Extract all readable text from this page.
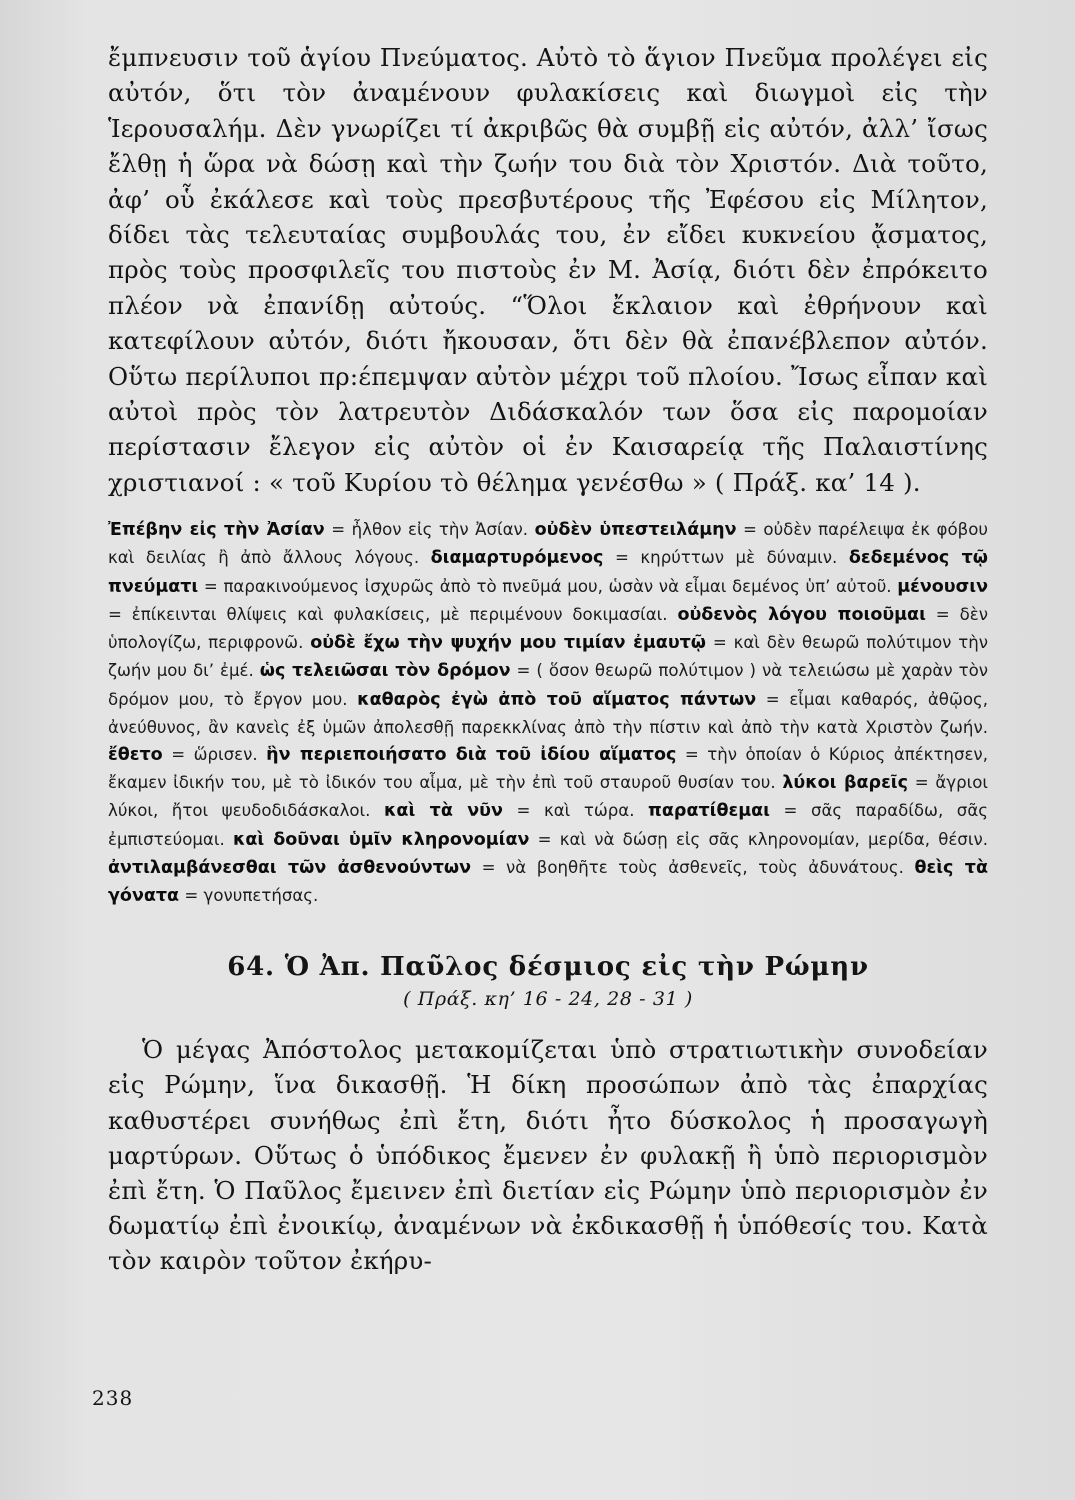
ἔμπνευσιν τοῦ ἁγίου Πνεύματος. Αὐτὸ τὸ ἅγιον Πνεῦμα προλέγει εἰς αὐτόν, ὅτι τὸν ἀναμένουν φυλακίσεις καὶ διωγμοὶ εἰς τὴν Ἱερουσαλήμ. Δὲν γνωρίζει τί ἀκριβῶς θὰ συμβῇ εἰς αὐτόν, ἀλλ’ ἴσως ἔλθῃ ἡ ὥρα νὰ δώσῃ καὶ τὴν ζωήν του διὰ τὸν Χριστόν. Διὰ τοῦτο, ἀφ’ οὗ ἐκάλεσε καὶ τοὺς πρεσβυτέρους τῆς Ἐφέσου εἰς Μίλητον, δίδει τὰς τελευταίας συμβουλάς του, ἐν εἴδει κυκνείου ᾄσματος, πρὸς τοὺς προσφιλεῖς του πιστοὺς ἐν Μ. Ἀσίᾳ, διότι δὲν ἐπρόκειτο πλέον νὰ ἐπανίδῃ αὐτούς. “Ὅλοι ἔκλαιον καὶ ἐθρήνουν καὶ κατεφίλουν αὐτόν, διότι ἤκουσαν, ὅτι δὲν θὰ ἐπανέβλεπον αὐτόν. Οὕτω περίλυποι πρ:έπεμψαν αὐτὸν μέχρι τοῦ πλοίου. Ἴσως εἶπαν καὶ αὐτοὶ πρὸς τὸν λατρευτὸν Διδάσκαλόν των ὅσα εἰς παρομοίαν περίστασιν ἔλεγον εἰς αὐτὸν οἱ ἐν Καισαρείᾳ τῆς Παλαιστίνης χριστιανοί : « τοῦ Κυρίου τὸ θέλημα γενέσθω » ( Πράξ. κα’ 14 ).

Ἐπέβην εἰς τὴν Ἀσίαν = ἦλθον εἰς τὴν Ἀσίαν. οὐδὲν ὑπεστειλάμην = οὐδὲν παρέλειψα ἐκ φόβου καὶ δειλίας ἢ ἀπὸ ἄλλους λόγους. διαμαρτυρόμενος = κηρύττων μὲ δύναμιν. δεδεμένος τῷ πνεύματι = παρακινούμενος ἰσχυρῶς ἀπὸ τὸ πνεῦμά μου, ὡσὰν νὰ εἶμαι δεμένος ὑπ’ αὐτοῦ. μένουσιν = ἐπίκεινται θλίψεις καὶ φυλακίσεις, μὲ περιμένουν δοκιμασίαι. οὐδενὸς λόγου ποιοῦμαι = δὲν ὑπολογίζω, περιφρονῶ. οὐδὲ ἔχω τὴν ψυχήν μου τιμίαν ἐμαυτῷ = καὶ δὲν θεωρῶ πολύτιμον τὴν ζωήν μου δι’ ἐμέ. ὡς τελειῶσαι τὸν δρόμον = ( ὅσον θεωρῶ πολύτιμον ) νὰ τελειώσω μὲ χαρὰν τὸν δρόμον μου, τὸ ἔργον μου. καθαρὸς ἐγὼ ἀπὸ τοῦ αἵματος πάντων = εἶμαι καθαρός, ἀθῷος, ἀνεύθυνος, ἂν κανεὶς ἐξ ὑμῶν ἀπολεσθῇ παρεκκλίνας ἀπὸ τὴν πίστιν καὶ ἀπὸ τὴν κατὰ Χριστὸν ζωήν. ἔθετο = ὥρισεν. ἣν περιεποιήσατο διὰ τοῦ ἰδίου αἵματος = τὴν ὁποίαν ὁ Κύριος ἀπέκτησεν, ἔκαμεν ἰδικήν του, μὲ τὸ ἰδικόν του αἷμα, μὲ τὴν ἐπὶ τοῦ σταυροῦ θυσίαν του. λύκοι βαρεῖς = ἄγριοι λύκοι, ἤτοι ψευδοδιδάσκαλοι. καὶ τὰ νῦν = καὶ τώρα. παρατίθεμαι = σᾶς παραδίδω, σᾶς ἐμπιστεύομαι. καὶ δοῦναι ὑμῖν κληρονομίαν = καὶ νὰ δώσῃ εἰς σᾶς κληρονομίαν, μερίδα, θέσιν. ἀντιλαμβάνεσθαι τῶν ἀσθενούντων = νὰ βοηθῆτε τοὺς ἀσθενεῖς, τοὺς ἀδυνάτους. θεὶς τὰ γόνατα = γονυπετήσας.

64. Ὁ Ἀπ. Παῦλος δέσμιος εἰς τὴν Ρώμην

( Πράξ. κη’ 16 - 24, 28 - 31 )

Ὁ μέγας Ἀπόστολος μετακομίζεται ὑπὸ στρατιωτικὴν συνοδείαν εἰς Ρώμην, ἵνα δικασθῇ. Ἡ δίκη προσώπων ἀπὸ τὰς ἐπαρχίας καθυστέρει συνήθως ἐπὶ ἔτη, διότι ἦτο δύσκολος ἡ προσαγωγὴ μαρτύρων. Οὕτως ὁ ὑπόδικος ἔμενεν ἐν φυλακῇ ἢ ὑπὸ περιορισμὸν ἐπὶ ἔτη. Ὁ Παῦλος ἔμεινεν ἐπὶ διετίαν εἰς Ρώμην ὑπὸ περιορισμὸν ἐν δωματίῳ ἐπὶ ἐνοικίῳ, ἀναμένων νὰ ἐκδικασθῇ ἡ ὑπόθεσίς του. Κατὰ τὸν καιρὸν τοῦτον ἐκήρυ-

238
